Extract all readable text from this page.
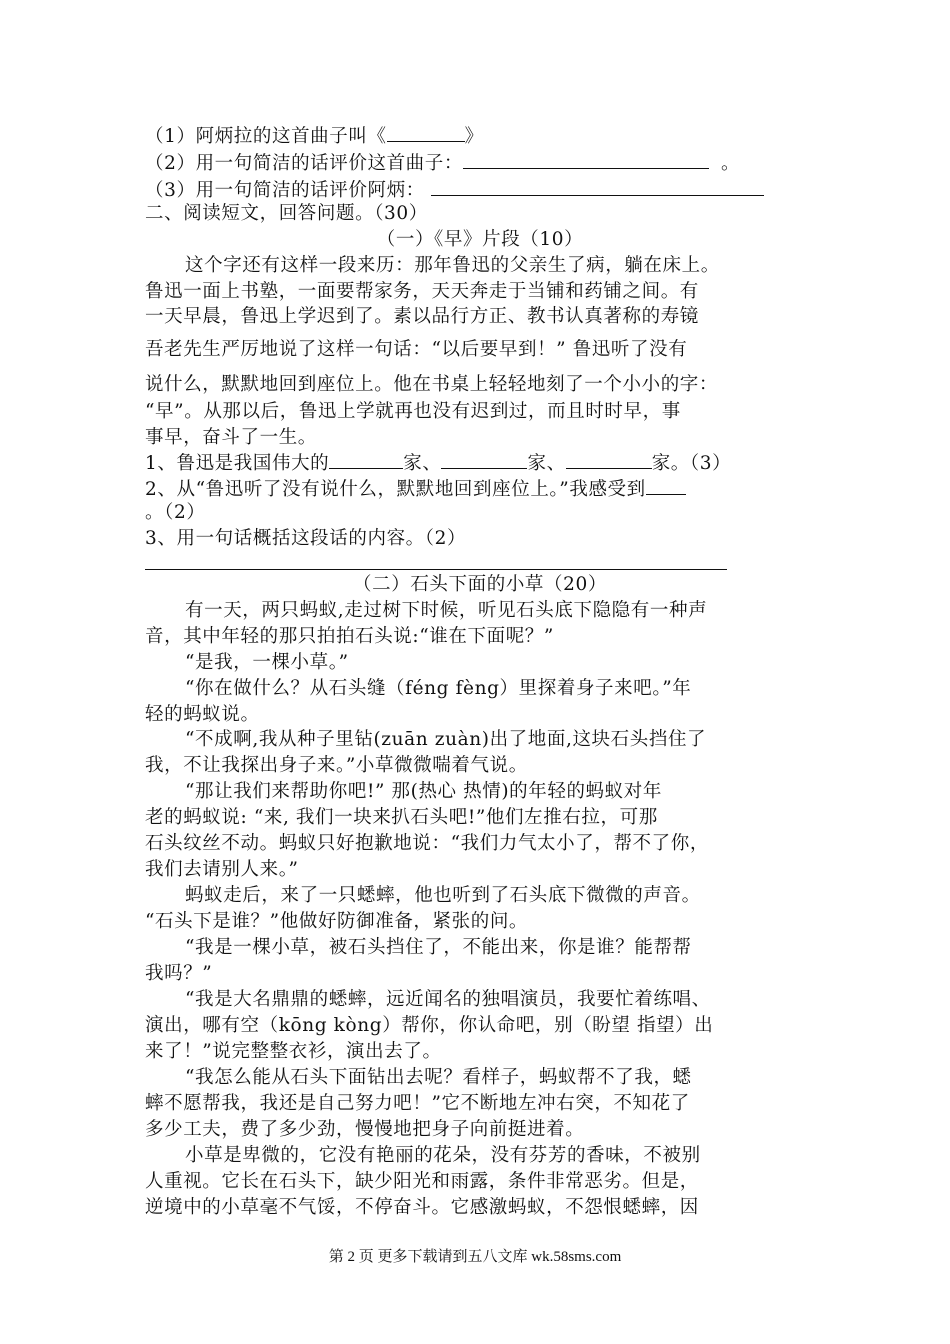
（1）阿炳拉的这首曲子叫《	》
（2）用一句简洁的话评价这首曲子：	。
（3）用一句简洁的话评价阿炳：
二、阅读短文，回答问题。（30）
（一）《早》片段（10）
这个字还有这样一段来历：那年鲁迅的父亲生了病，躺在床上。
鲁迅一面上书塾，一面要帮家务，天天奔走于当铺和药铺之间。有
一天早晨，鲁迅上学迟到了。素以品行方正、教书认真著称的寿镜
吾老先生严厉地说了这样一句话：“以后要早到！” 鲁迅听了没有
说什么，默默地回到座位上。他在书桌上轻轻地刻了一个小小的字：
“早”。从那以后，鲁迅上学就再也没有迟到过，而且时时早，事
事早，奋斗了一生。
1、鲁迅是我国伟大的	家、	家、	家。（3）
2、从“鲁迅听了没有说什么，默默地回到座位上。”我感受到
。（2）
3、用一句话概括这段话的内容。（2）
（二）石头下面的小草（20）
有一天，两只蚂蚁,走过树下时候，听见石头底下隐隐有一种声
音，其中年轻的那只拍拍石头说:“谁在下面呢？”
“是我，一棵小草。”
“你在做什么？从石头缝（féng fèng）里探着身子来吧。”年
轻的蚂蚁说。
“不成啊,我从种子里钻(zuān zuàn)出了地面,这块石头挡住了
我，不让我探出身子来。”小草微微喘着气说。
“那让我们来帮助你吧!” 那(热心 热情)的年轻的蚂蚁对年
老的蚂蚁说: “来, 我们一块来扒石头吧!”他们左推右拉，可那
石头纹丝不动。蚂蚁只好抱歉地说：“我们力气太小了，帮不了你，
我们去请别人来。”
蚂蚁走后，来了一只蟋蟀，他也听到了石头底下微微的声音。
“石头下是谁？”他做好防御准备，紧张的问。
“我是一棵小草，被石头挡住了，不能出来，你是谁？能帮帮
我吗？”
“我是大名鼎鼎的蟋蟀，远近闻名的独唱演员，我要忙着练唱、
演出，哪有空（kōng kòng）帮你，你认命吧，别（盼望 指望）出
来了！”说完整整衣衫，演出去了。
“我怎么能从石头下面钻出去呢？看样子，蚂蚁帮不了我，蟋
蟀不愿帮我，我还是自己努力吧！”它不断地左冲右突，不知花了
多少工夫，费了多少劲，慢慢地把身子向前挺进着。
小草是卑微的，它没有艳丽的花朵，没有芬芳的香味，不被别
人重视。它长在石头下，缺少阳光和雨露，条件非常恶劣。但是，
逆境中的小草毫不气馁，不停奋斗。它感激蚂蚁，不怨恨蟋蟀，因
第 2 页 更多下载请到五八文库 wk.58sms.com
